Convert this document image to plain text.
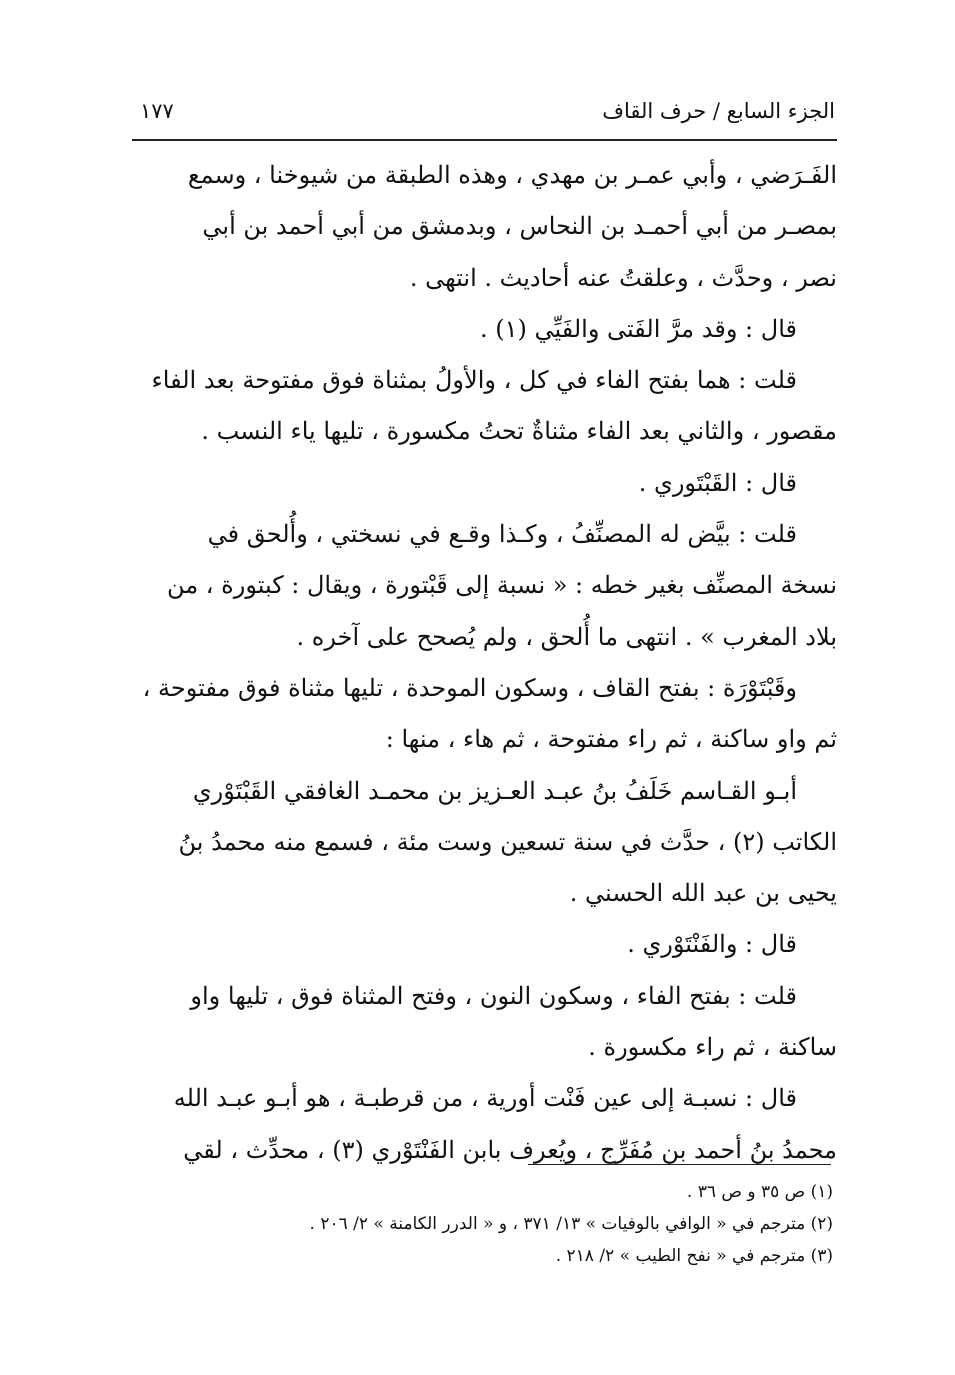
الجزء السابع / حرف القاف
١٧٧
الفَـرَضي ، وأبي عمـر بن مهدي ، وهذه الطبقة من شيوخنا ، وسمع
بمصـر من أبي أحمـد بن النحاس ، وبدمشق من أبي أحمد بن أبي
نصر ، وحدَّث ، وعلقتُ عنه أحاديث . انتهى .
قال : وقد مرَّ الفَتى والفَيِّي (١) .
قلت : هما بفتح الفاء في كل ، والأولُ بمثناة فوق مفتوحة بعد الفاء
مقصور ، والثاني بعد الفاء مثناةٌ تحتُ مكسورة ، تليها ياء النسب .
قال : القَبْتَوري .
قلت : بيَّض له المصنِّفُ ، وكـذا وقـع في نسختي ، وأُلحق في
نسخة المصنِّف بغير خطه : « نسبة إلى قَبْتورة ، ويقال : كبتورة ، من
بلاد المغرب » . انتهى ما أُلحق ، ولم يُصحح على آخره .
وقَبْتَوْرَة : بفتح القاف ، وسكون الموحدة ، تليها مثناة فوق مفتوحة ،
ثم واو ساكنة ، ثم راء مفتوحة ، ثم هاء ، منها :
أبـو القـاسم خَلَفُ بنُ عبـد العـزيز بن محمـد الغافقي القَبْتَوْري
الكاتب (٢) ، حدَّث في سنة تسعين وست مئة ، فسمع منه محمدُ بنُ
يحيى بن عبد الله الحسني .
قال : والفَنْتَوْري .
قلت : بفتح الفاء ، وسكون النون ، وفتح المثناة فوق ، تليها واو
ساكنة ، ثم راء مكسورة .
قال : نسبـة إلى عين فَنْت أورية ، من قرطبـة ، هو أبـو عبـد الله
محمدُ بنُ أحمد بن مُفَرِّج ، ويُعرف بابن الفَنْتَوْري (٣) ، محدِّث ، لقي
(١) ص ٣٥ و ص ٣٦ .
(٢) مترجم في « الوافي بالوفيات » ١٣/ ٣٧١ ، و « الدرر الكامنة » ٢/ ٢٠٦ .
(٣) مترجم في « نفح الطيب » ٢/ ٢١٨ .
